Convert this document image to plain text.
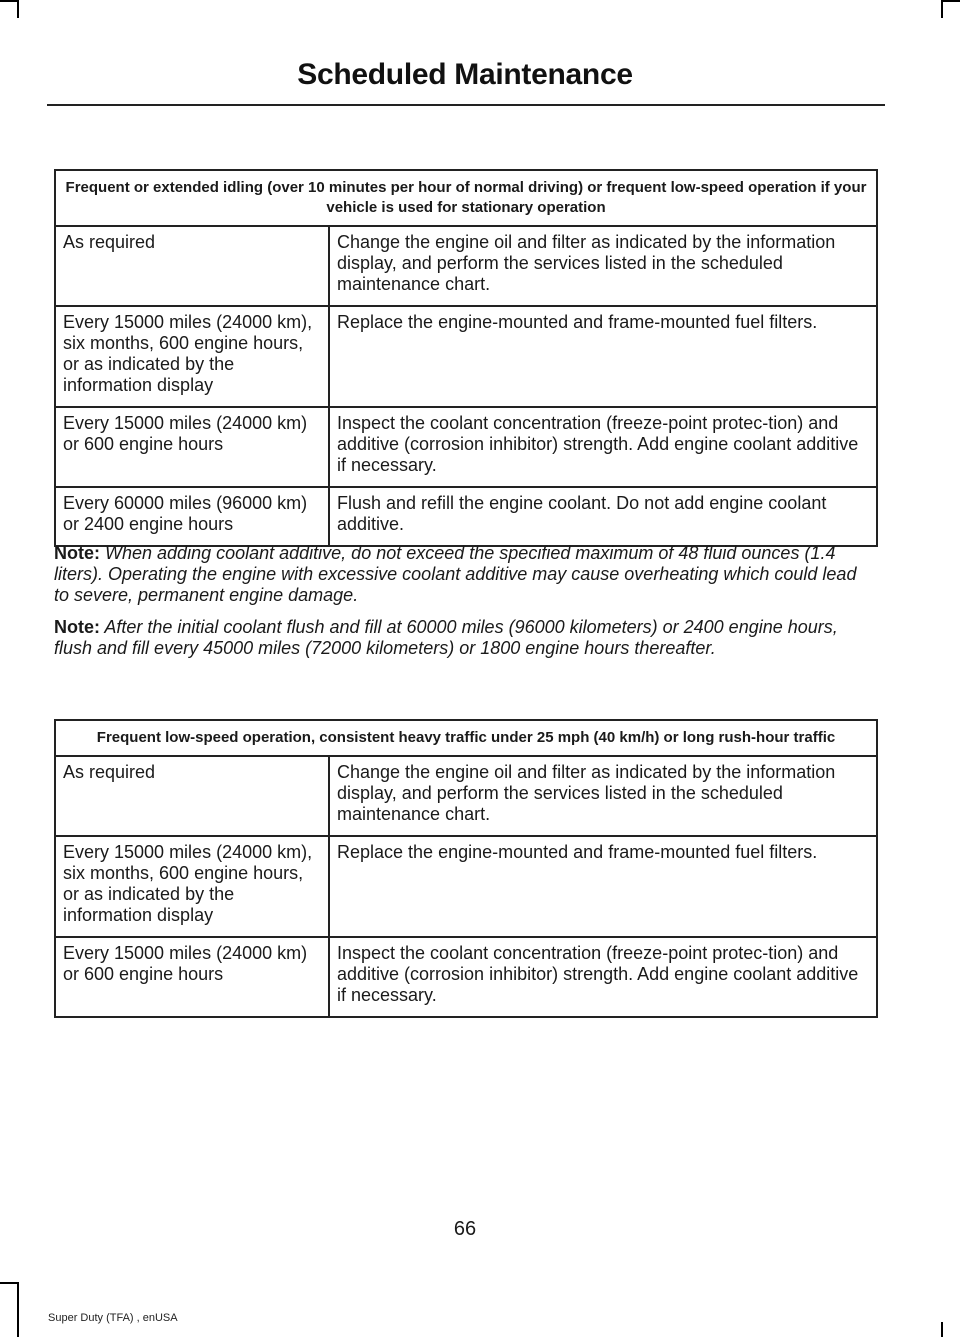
Scheduled Maintenance
Frequent or extended idling (over 10 minutes per hour of normal driving) or frequent low-speed operation if your vehicle is used for stationary operation	
As required	Change the engine oil and filter as indicated by the information display, and perform the services listed in the scheduled maintenance chart.
Every 15000 miles (24000 km), six months, 600 engine hours, or as indicated by the information display	Replace the engine-mounted and frame-mounted fuel filters.
Every 15000 miles (24000 km) or 600 engine hours	Inspect the coolant concentration (freeze-point protec-tion) and additive (corrosion inhibitor) strength. Add engine coolant additive if necessary.
Every 60000 miles (96000 km) or 2400 engine hours	Flush and refill the engine coolant. Do not add engine coolant additive.

Note: When adding coolant additive, do not exceed the specified maximum of 48 fluid ounces (1.4 liters). Operating the engine with excessive coolant additive may cause overheating which could lead to severe, permanent engine damage.

Note: After the initial coolant flush and fill at 60000 miles (96000 kilometers) or 2400 engine hours, flush and fill every 45000 miles (72000 kilometers) or 1800 engine hours thereafter.

Frequent low-speed operation, consistent heavy traffic under 25 mph (40 km/h) or long rush-hour traffic	
As required	Change the engine oil and filter as indicated by the information display, and perform the services listed in the scheduled maintenance chart.
Every 15000 miles (24000 km), six months, 600 engine hours, or as indicated by the information display	Replace the engine-mounted and frame-mounted fuel filters.
Every 15000 miles (24000 km) or 600 engine hours	Inspect the coolant concentration (freeze-point protec-tion) and additive (corrosion inhibitor) strength. Add engine coolant additive if necessary.
66
Super Duty (TFA) , enUSA
